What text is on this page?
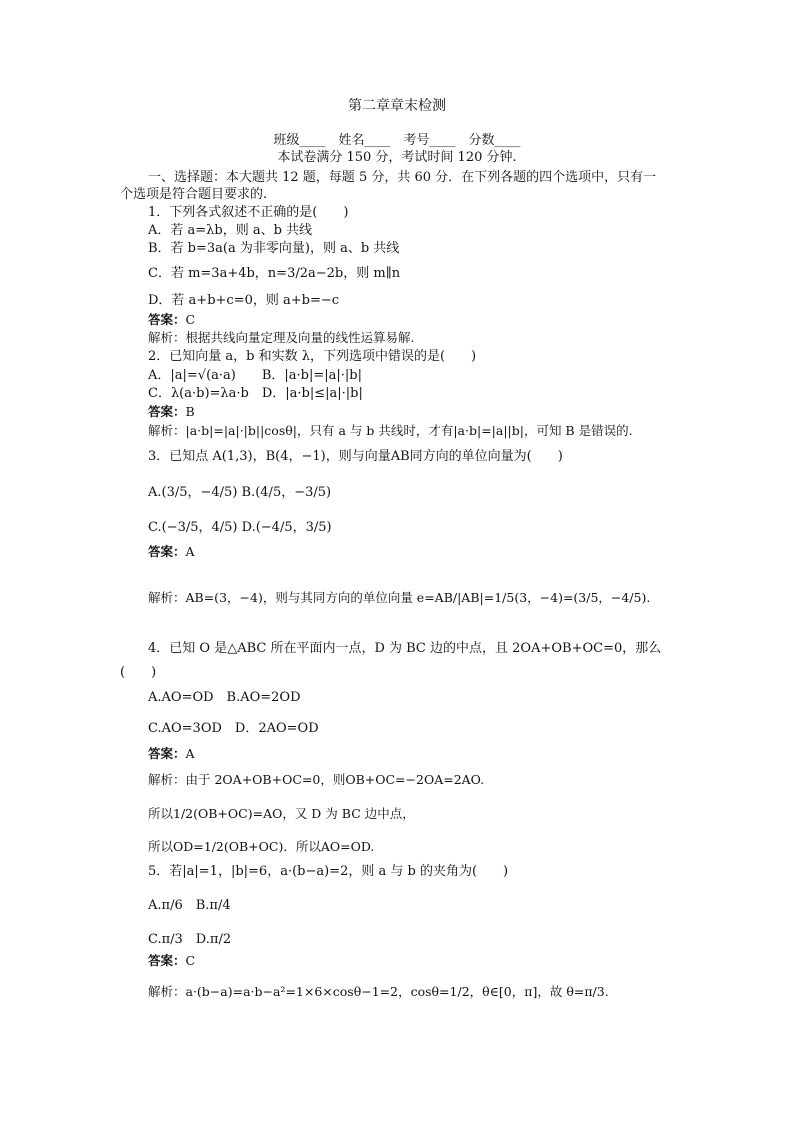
第二章章末检测
班级____　姓名____　考号____　分数____
本试卷满分 150 分，考试时间 120 分钟.
一、选择题：本大题共 12 题，每题 5 分，共 60 分．在下列各题的四个选项中，只有一
个选项是符合题目要求的.
1．下列各式叙述不正确的是(　　)
A．若 a=λb，则 a、b 共线
B．若 b=3a(a 为非零向量)，则 a、b 共线
C．若 m=3a+4b，n=3/2a−2b，则 m∥n
D．若 a+b+c=0，则 a+b=−c
答案：C
解析：根据共线向量定理及向量的线性运算易解.
2．已知向量 a，b 和实数 λ，下列选项中错误的是(　　)
A．|a|=√(a·a)　　B．|a·b|=|a|·|b|
C．λ(a·b)=λa·b　D．|a·b|≤|a|·|b|
答案：B
解析：|a·b|=|a|·|b||cosθ|，只有 a 与 b 共线时，才有|a·b|=|a||b|，可知 B 是错误的.
3．已知点 A(1,3)，B(4，−1)，则与向量AB同方向的单位向量为(　　)
A.(3/5，−4/5) B.(4/5，−3/5)
C.(−3/5，4/5) D.(−4/5，3/5)
答案：A
解析：AB=(3，−4)，则与其同方向的单位向量 e=AB/|AB|=1/5(3，−4)=(3/5，−4/5).
4．已知 O 是△ABC 所在平面内一点，D 为 BC 边的中点，且 2OA+OB+OC=0，那么
(　　)
A.AO=OD　B.AO=2OD
C.AO=3OD　D．2AO=OD
答案：A
解析：由于 2OA+OB+OC=0，则OB+OC=−2OA=2AO.
所以1/2(OB+OC)=AO，又 D 为 BC 边中点，
所以OD=1/2(OB+OC)．所以AO=OD.
5．若|a|=1，|b|=6，a·(b−a)=2，则 a 与 b 的夹角为(　　)
A.π/6　B.π/4
C.π/3　D.π/2
答案：C
解析：a·(b−a)=a·b−a²=1×6×cosθ−1=2，cosθ=1/2，θ∈[0，π]，故 θ=π/3.
